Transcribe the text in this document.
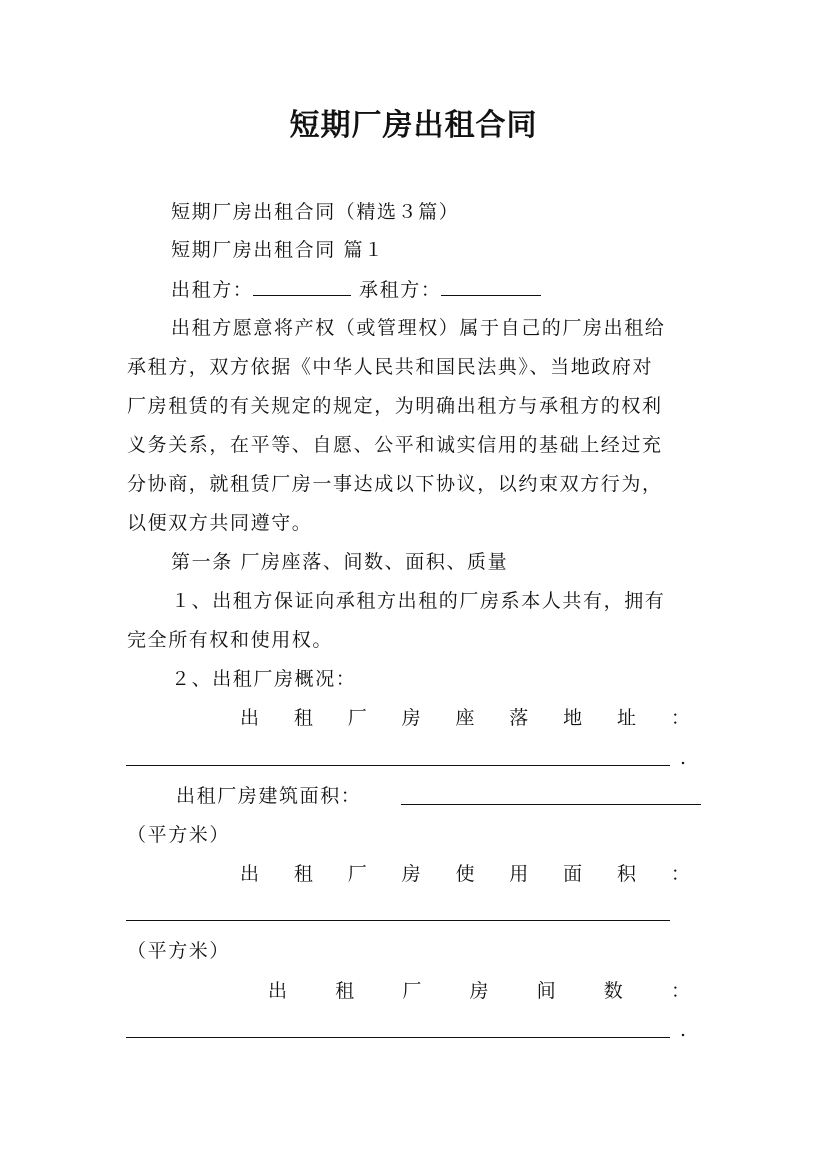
短期厂房出租合同

短期厂房出租合同（精选３篇）

短期厂房出租合同 篇１

出租方：	承租方：

出租方愿意将产权（或管理权）属于自己的厂房出租给

承租方，双方依据《中华人民共和国民法典》、当地政府对

厂房租赁的有关规定的规定，为明确出租方与承租方的权利

义务关系，在平等、自愿、公平和诚实信用的基础上经过充

分协商，就租赁厂房一事达成以下协议，以约束双方行为，

以便双方共同遵守。

第一条 厂房座落、间数、面积、质量

１、出租方保证向承租方出租的厂房系本人共有，拥有

完全所有权和使用权。

２、出租厂房概况：

出 租 厂 房 座 落 地 址 ：
.

出租厂房建筑面积：

（平方米）

出 租 厂 房 使 用 面 积 ：

（平方米）

出	租	厂	房	间	数	：
.
